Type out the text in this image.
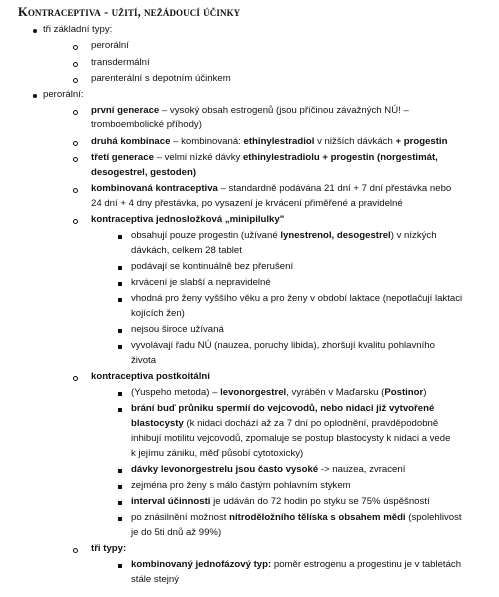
Kontraceptiva - užití, nežádoucí účinky
tři základní typy:
perorální
transdermální
parenterální s depotním účinkem
perorální:
první generace – vysoký obsah estrogenů (jsou příčinou závažných NÚ! –
tromboembolické příhody)
druhá kombinace – kombinovaná: ethinylestradiol v nižších dávkách + progestin
třetí generace – velmi nízké dávky ethinylestradiolu + progestin (norgestimát,
desogestrel, gestoden)
kombinovaná kontraceptiva – standardně podávána 21 dní + 7 dní přestávka nebo
24 dní + 4 dny přestávka, po vysazení je krvácení přiměřené a pravidelné
kontraceptiva jednosložková „minipilulky"
obsahují pouze progestin (užívané lynestrenol, desogestrel) v nízkých
dávkách, celkem 28 tablet
podávají se kontinuálně bez přerušení
krvácení je slabší a nepravidelné
vhodná pro ženy vyššího věku a pro ženy v období laktace (nepotlačují laktaci
kojících žen)
nejsou široce užívaná
vyvolávají řadu NÚ (nauzea, poruchy libida), zhoršují kvalitu pohlavního
života
kontraceptiva postkoitální
(Yuspeho metoda) – levonorgestrel, vyráběn v Maďarsku (Postinor)
brání buď průniku spermií do vejcovodů, nebo nidaci již vytvořené
blastocysty (k nidaci dochází až za 7 dní po oplodnění, pravděpodobně
inhibují motilitu vejcovodů, zpomaluje se postup blastocysty k nidaci a vede
k jejímu zániku, měď působí cytotoxicky)
dávky levonorgestrelu jsou často vysoké -> nauzea, zvracení
zejména pro ženy s málo častým pohlavním stykem
interval účinnosti je udáván do 72 hodin po styku se 75% úspěšností
po znásilnění možnost nitroděložního tělíska s obsahem mědi (spolehlivost
je do 5ti dnů až 99%)
tři typy:
kombinovaný jednofázový typ: poměr estrogenu a progestinu je v tabletách
stále stejný
